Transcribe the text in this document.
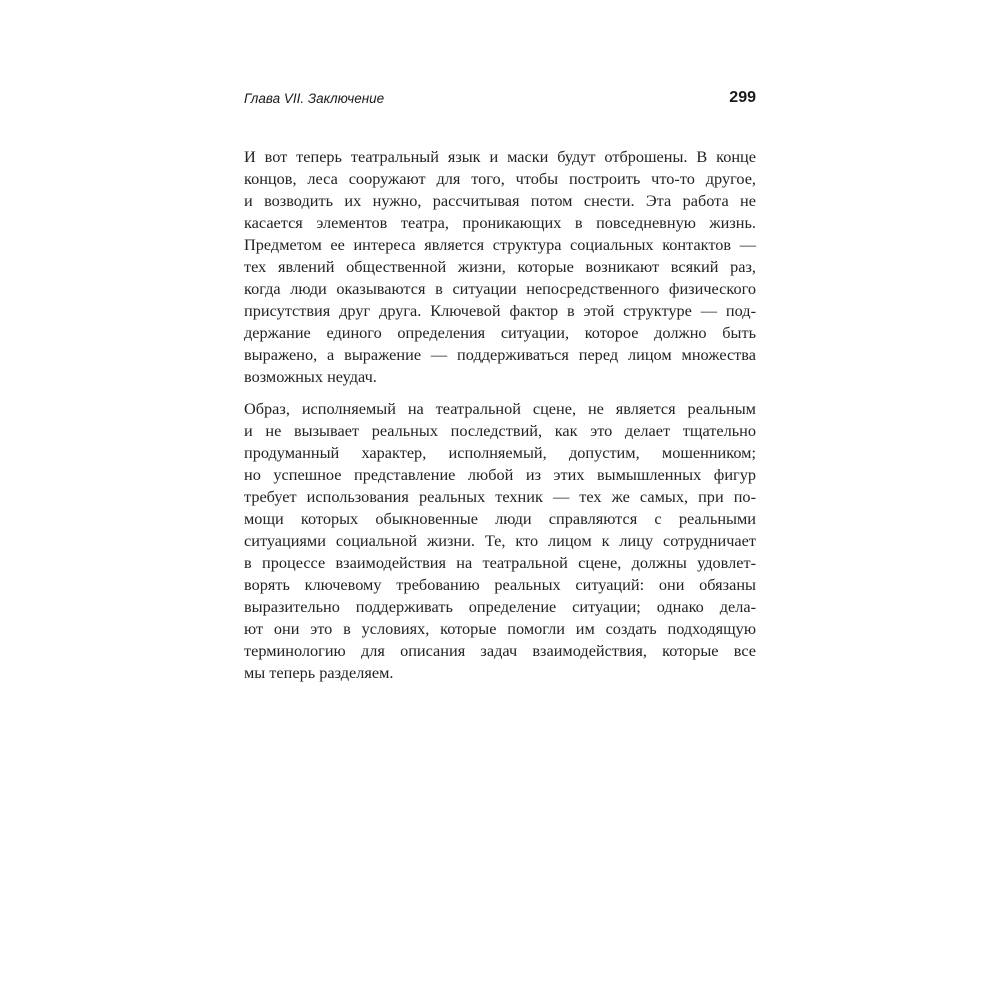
Глава VII. Заключение	299
И вот теперь театральный язык и маски будут отброшены. В конце
концов, леса сооружают для того, чтобы построить что-то другое,
и возводить их нужно, рассчитывая потом снести. Эта работа не
касается элементов театра, проникающих в повседневную жизнь.
Предметом ее интереса является структура социальных контактов —
тех явлений общественной жизни, которые возникают всякий раз,
когда люди оказываются в ситуации непосредственного физического
присутствия друг друга. Ключевой фактор в этой структуре — под-
держание единого определения ситуации, которое должно быть
выражено, а выражение — поддерживаться перед лицом множества
возможных неудач.
Образ, исполняемый на театральной сцене, не является реальным
и не вызывает реальных последствий, как это делает тщательно
продуманный характер, исполняемый, допустим, мошенником;
но успешное представление любой из этих вымышленных фигур
требует использования реальных техник — тех же самых, при по-
мощи которых обыкновенные люди справляются с реальными
ситуациями социальной жизни. Те, кто лицом к лицу сотрудничает
в процессе взаимодействия на театральной сцене, должны удовлет-
ворять ключевому требованию реальных ситуаций: они обязаны
выразительно поддерживать определение ситуации; однако дела-
ют они это в условиях, которые помогли им создать подходящую
терминологию для описания задач взаимодействия, которые все
мы теперь разделяем.
